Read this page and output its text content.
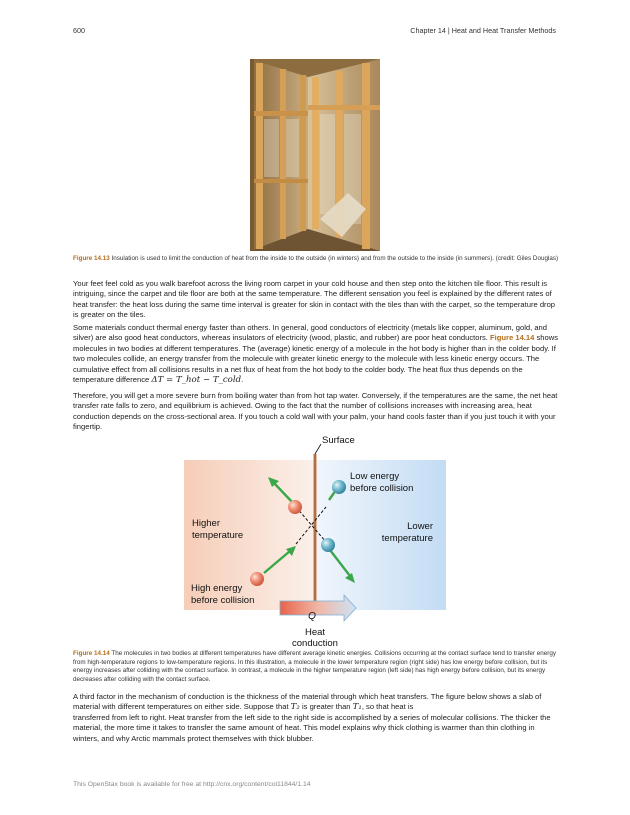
600	Chapter 14 | Heat and Heat Transfer Methods
Figure 14.13 Insulation is used to limit the conduction of heat from the inside to the outside (in winters) and from the outside to the inside (in summers). (credit: Giles Douglas)
Your feet feel cold as you walk barefoot across the living room carpet in your cold house and then step onto the kitchen tile floor. This result is intriguing, since the carpet and tile floor are both at the same temperature. The different sensation you feel is explained by the different rates of heat transfer: the heat loss during the same time interval is greater for skin in contact with the tiles than with the carpet, so the temperature drop is greater on the tiles.
Some materials conduct thermal energy faster than others. In general, good conductors of electricity (metals like copper, aluminum, gold, and silver) are also good heat conductors, whereas insulators of electricity (wood, plastic, and rubber) are poor heat conductors. Figure 14.14 shows molecules in two bodies at different temperatures. The (average) kinetic energy of a molecule in the hot body is higher than in the colder body. If two molecules collide, an energy transfer from the molecule with greater kinetic energy to the molecule with less kinetic energy occurs. The cumulative effect from all collisions results in a net flux of heat from the hot body to the colder body. The heat flux thus depends on the temperature difference ΔT = T_hot − T_cold.
Therefore, you will get a more severe burn from boiling water than from hot tap water. Conversely, if the temperatures are the same, the net heat transfer rate falls to zero, and equilibrium is achieved. Owing to the fact that the number of collisions increases with increasing area, heat conduction depends on the cross-sectional area. If you touch a cold wall with your palm, your hand cools faster than if you just touch it with your fingertip.
Surface
Low energy
before collision
Higher
temperature
Lower
temperature
High energy
before collision
Q
Heat
conduction
Figure 14.14 The molecules in two bodies at different temperatures have different average kinetic energies. Collisions occurring at the contact surface tend to transfer energy from high-temperature regions to low-temperature regions. In this illustration, a molecule in the lower temperature region (right side) has low energy before collision, but its energy increases after colliding with the contact surface. In contrast, a molecule in the higher temperature region (left side) has high energy before collision, but its energy decreases after colliding with the contact surface.
A third factor in the mechanism of conduction is the thickness of the material through which heat transfers. The figure below shows a slab of material with different temperatures on either side. Suppose that T₂ is greater than T₁, so that heat is
transferred from left to right. Heat transfer from the left side to the right side is accomplished by a series of molecular collisions. The thicker the material, the more time it takes to transfer the same amount of heat. This model explains why thick clothing is warmer than thin clothing in winters, and why Arctic mammals protect themselves with thick blubber.
This OpenStax book is available for free at http://cnx.org/content/col11844/1.14
